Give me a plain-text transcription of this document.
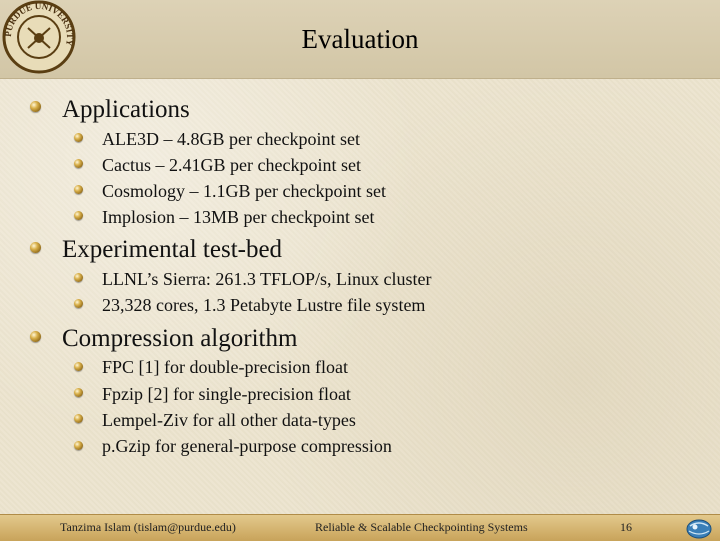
PURDUE UNIVERSITY	Evaluation
Applications
ALE3D – 4.8GB per checkpoint set
Cactus – 2.41GB per checkpoint set
Cosmology – 1.1GB per checkpoint set
Implosion – 13MB per checkpoint set
Experimental test-bed
LLNL’s Sierra: 261.3 TFLOP/s, Linux cluster
23,328 cores, 1.3 Petabyte Lustre file system
Compression algorithm
FPC [1] for double-precision float
Fpzip [2] for single-precision float
Lempel-Ziv for all other data-types
p.Gzip for general-purpose compression
Tanzima Islam (tislam@purdue.edu)	Reliable & Scalable Checkpointing Systems	16
